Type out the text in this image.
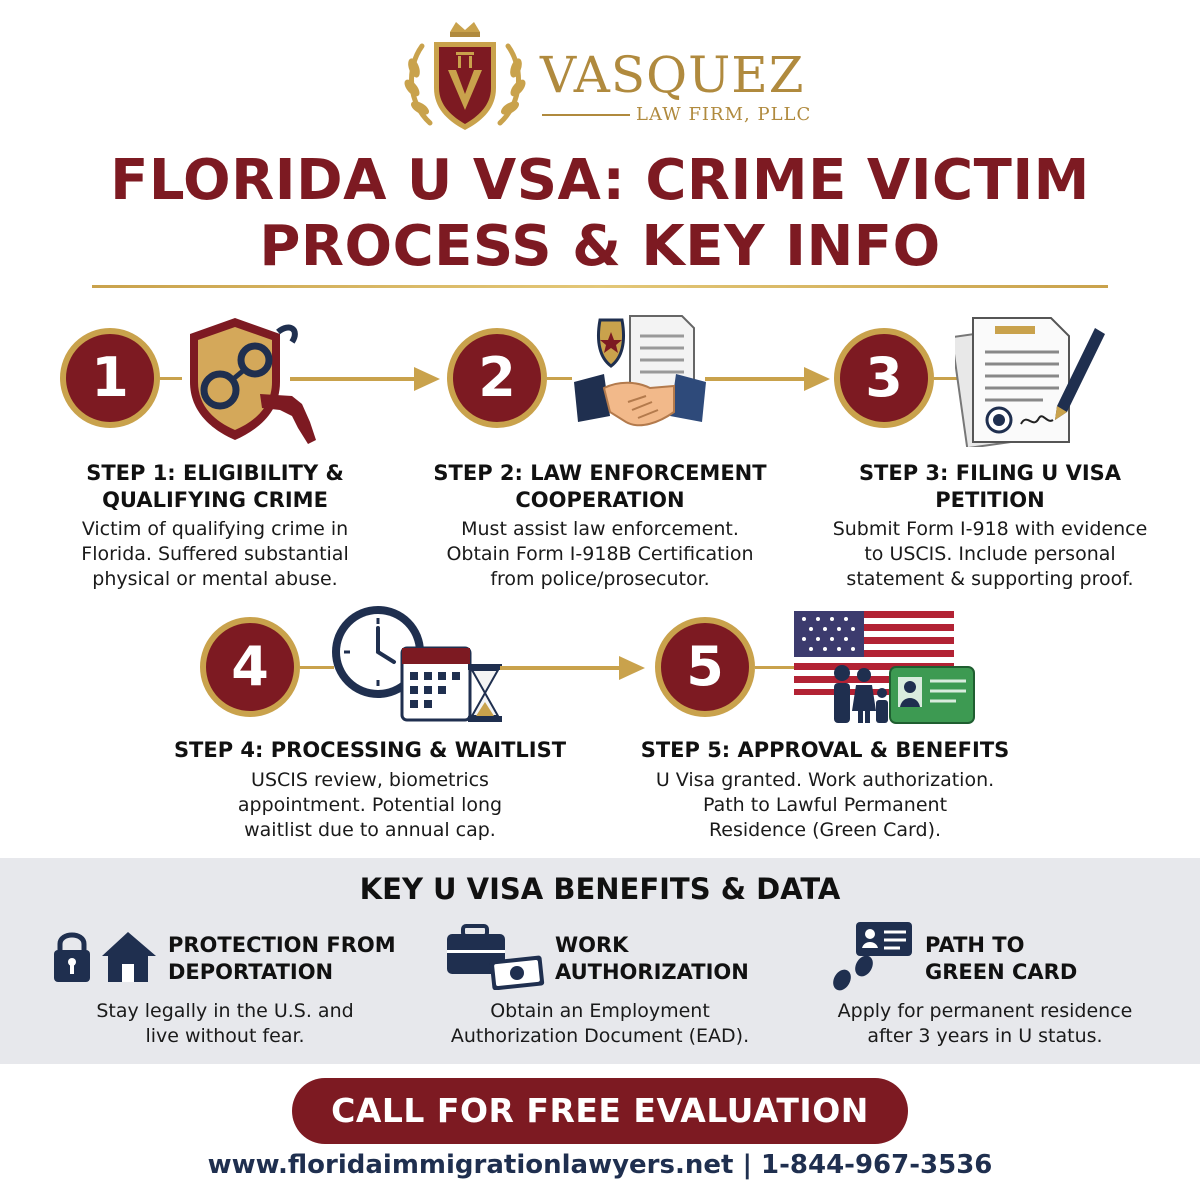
VASQUEZ
LAW FIRM, PLLC
FLORIDA U VSA: CRIME VICTIM
PROCESS & KEY INFO
1
STEP 1: ELIGIBILITY &
QUALIFYING CRIME
Victim of qualifying crime in
Florida. Suffered substantial
physical or mental abuse.
2
STEP 2: LAW ENFORCEMENT
COOPERATION
Must assist law enforcement.
Obtain Form I-918B Certification
from police/prosecutor.
3
STEP 3: FILING U VISA
PETITION
Submit Form I-918 with evidence
to USCIS. Include personal
statement & supporting proof.
4
STEP 4: PROCESSING & WAITLIST
USCIS review, biometrics
appointment. Potential long
waitlist due to annual cap.
5
STEP 5: APPROVAL & BENEFITS
U Visa granted. Work authorization.
Path to Lawful Permanent
Residence (Green Card).
KEY U VISA BENEFITS & DATA
PROTECTION FROM
DEPORTATION
Stay legally in the U.S. and
live without fear.
WORK
AUTHORIZATION
Obtain an Employment
Authorization Document (EAD).
PATH TO
GREEN CARD
Apply for permanent residence
after 3 years in U status.
CALL FOR FREE EVALUATION
www.floridaimmigrationlawyers.net | 1-844-967-3536
